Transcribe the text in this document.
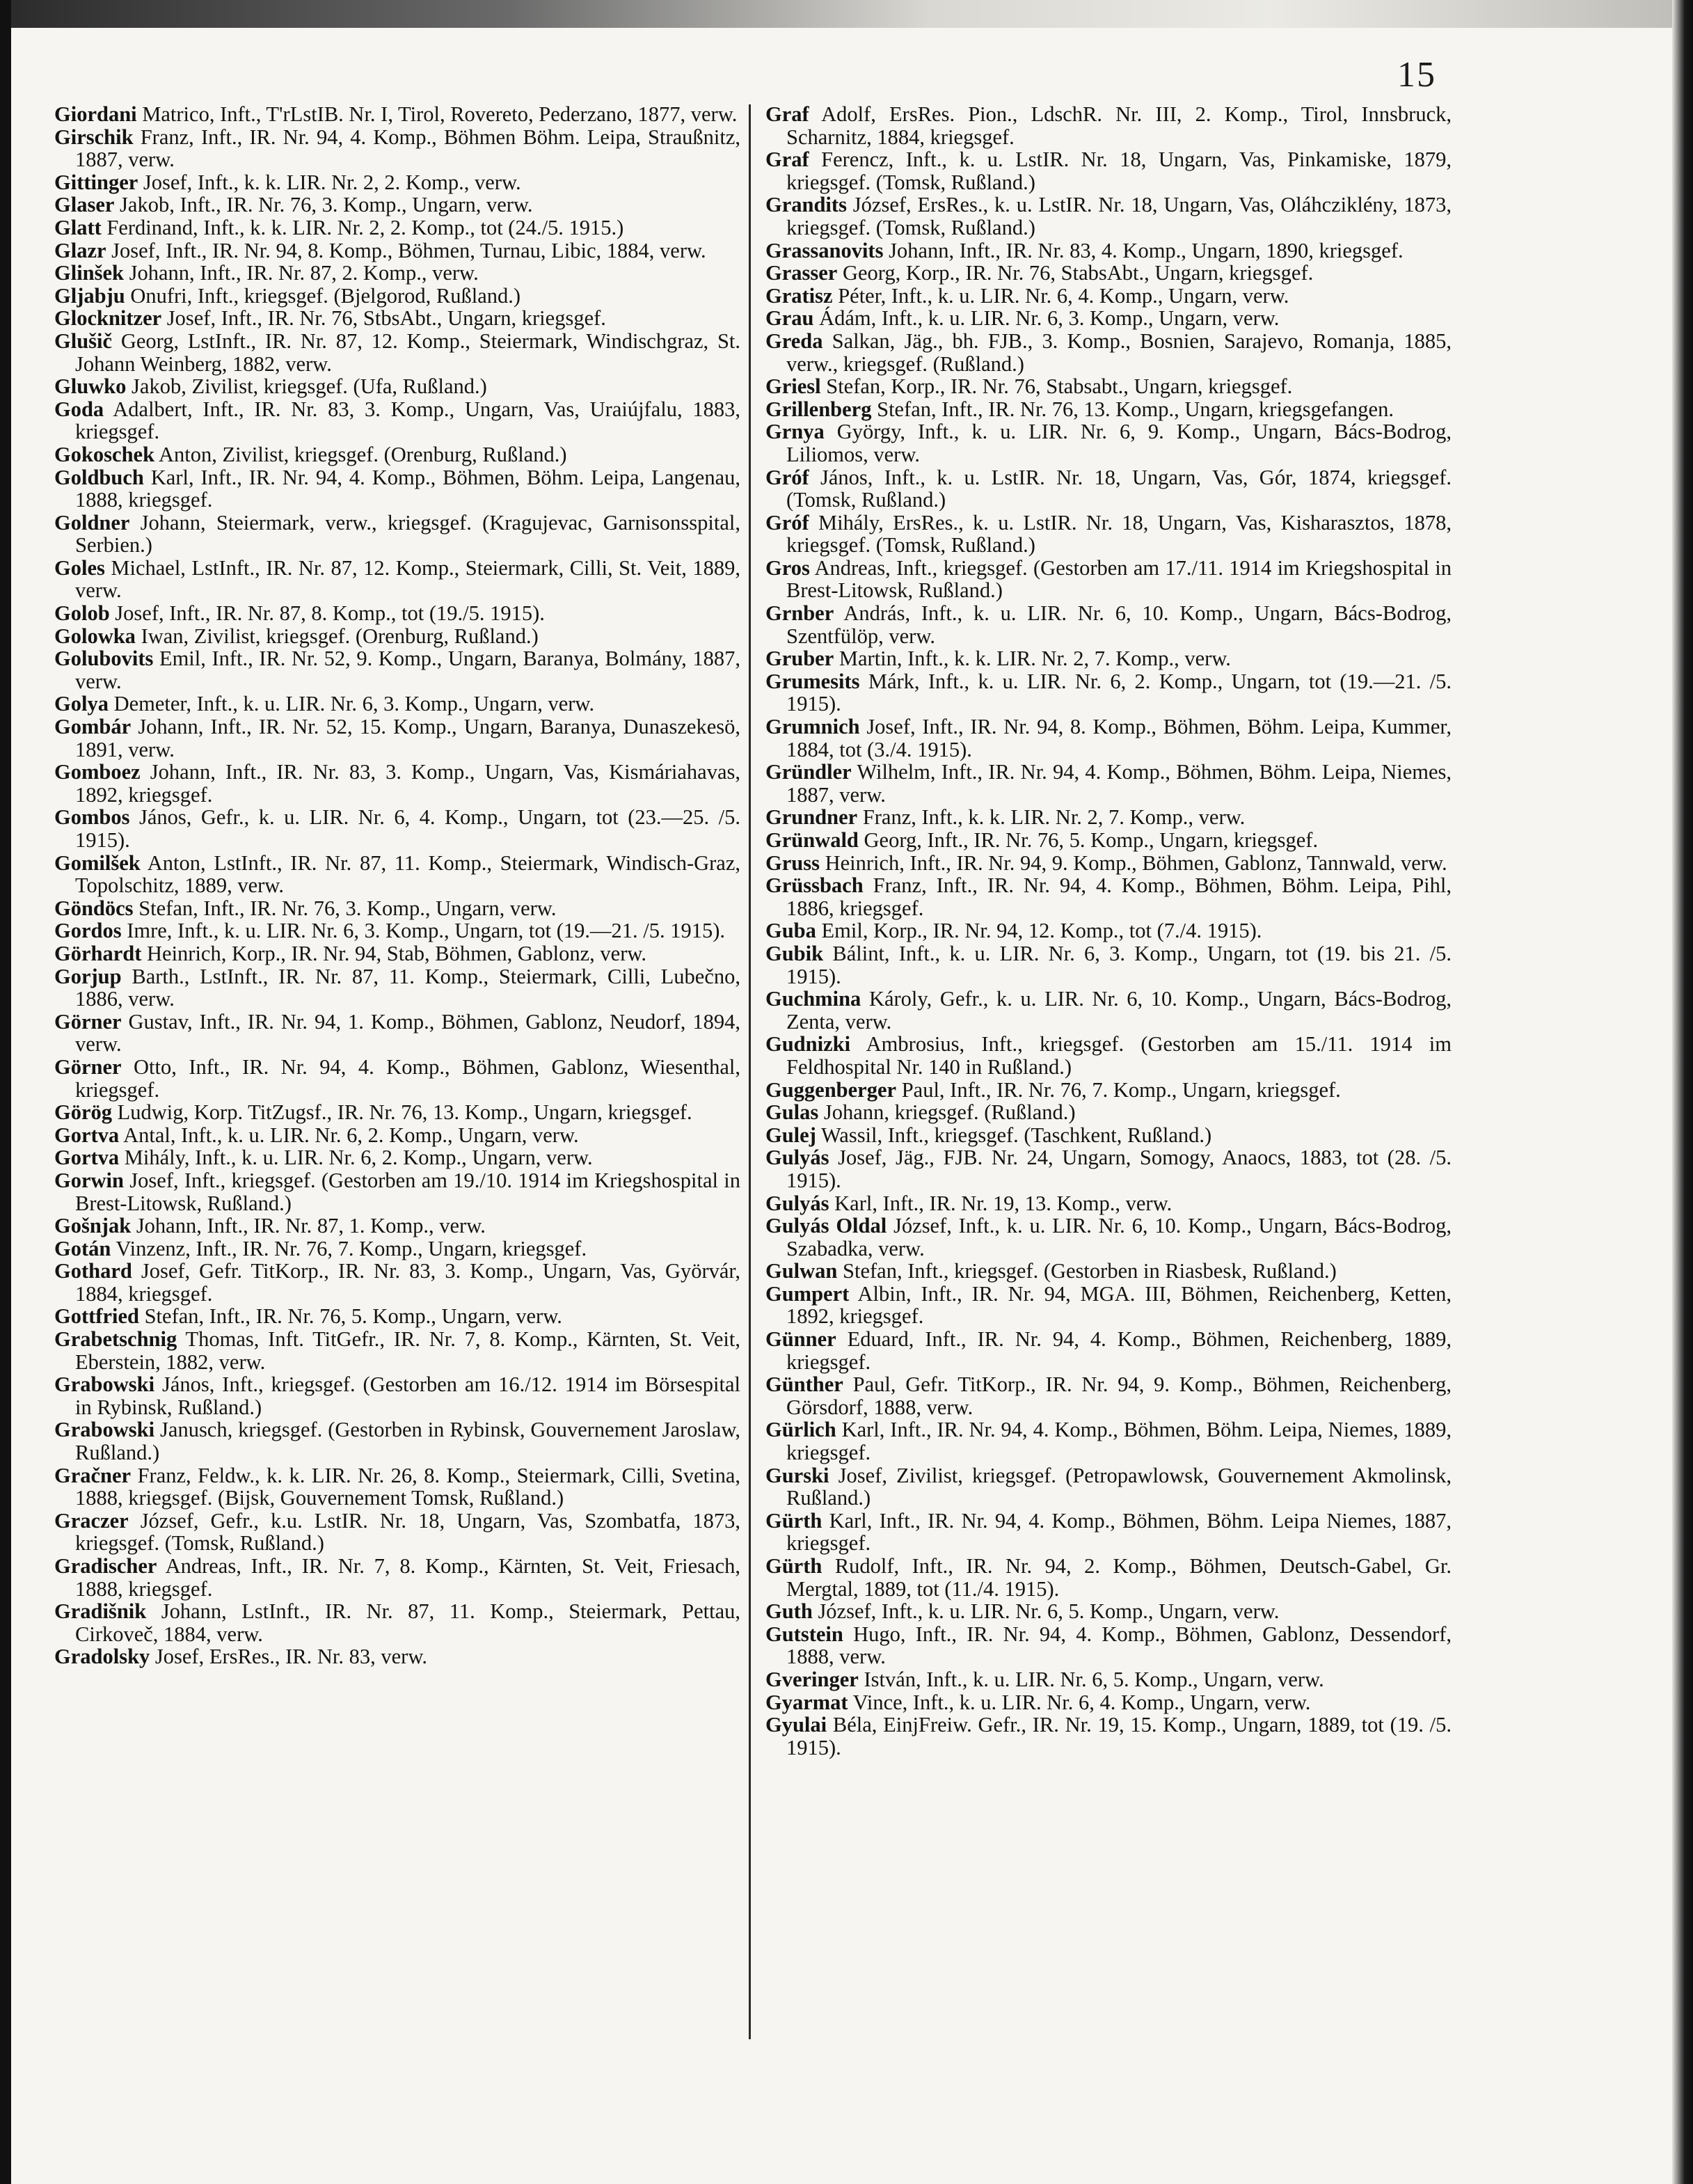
15

Giordani Matrico, Inft., T'rLstIB. Nr. I, Tirol, Rovereto, Pederzano, 1877, verw.

Girschik Franz, Inft., IR. Nr. 94, 4. Komp., Böhmen Böhm. Leipa, Straußnitz, 1887, verw.

Gittinger Josef, Inft., k. k. LIR. Nr. 2, 2. Komp., verw.

Glaser Jakob, Inft., IR. Nr. 76, 3. Komp., Ungarn, verw.

Glatt Ferdinand, Inft., k. k. LIR. Nr. 2, 2. Komp., tot (24./5. 1915.)

Glazr Josef, Inft., IR. Nr. 94, 8. Komp., Böhmen, Turnau, Libic, 1884, verw.

Glinšek Johann, Inft., IR. Nr. 87, 2. Komp., verw.

Gljabju Onufri, Inft., kriegsgef. (Bjelgorod, Rußland.)

Glocknitzer Josef, Inft., IR. Nr. 76, StbsAbt., Ungarn, kriegsgef.

Glušič Georg, LstInft., IR. Nr. 87, 12. Komp., Steiermark, Windischgraz, St. Johann Weinberg, 1882, verw.

Gluwko Jakob, Zivilist, kriegsgef. (Ufa, Rußland.)

Goda Adalbert, Inft., IR. Nr. 83, 3. Komp., Ungarn, Vas, Uraiújfalu, 1883, kriegsgef.

Gokoschek Anton, Zivilist, kriegsgef. (Orenburg, Rußland.)

Goldbuch Karl, Inft., IR. Nr. 94, 4. Komp., Böhmen, Böhm. Leipa, Langenau, 1888, kriegsgef.

Goldner Johann, Steiermark, verw., kriegsgef. (Kragujevac, Garnisonsspital, Serbien.)

Goles Michael, LstInft., IR. Nr. 87, 12. Komp., Steiermark, Cilli, St. Veit, 1889, verw.

Golob Josef, Inft., IR. Nr. 87, 8. Komp., tot (19./5. 1915).

Golowka Iwan, Zivilist, kriegsgef. (Orenburg, Rußland.)

Golubovits Emil, Inft., IR. Nr. 52, 9. Komp., Ungarn, Baranya, Bolmány, 1887, verw.

Golya Demeter, Inft., k. u. LIR. Nr. 6, 3. Komp., Ungarn, verw.

Gombár Johann, Inft., IR. Nr. 52, 15. Komp., Ungarn, Baranya, Dunaszekesö, 1891, verw.

Gomboez Johann, Inft., IR. Nr. 83, 3. Komp., Ungarn, Vas, Kismáriahavas, 1892, kriegsgef.

Gombos János, Gefr., k. u. LIR. Nr. 6, 4. Komp., Ungarn, tot (23.—25. /5. 1915).

Gomilšek Anton, LstInft., IR. Nr. 87, 11. Komp., Steiermark, Windisch-Graz, Topolschitz, 1889, verw.

Göndöcs Stefan, Inft., IR. Nr. 76, 3. Komp., Ungarn, verw.

Gordos Imre, Inft., k. u. LIR. Nr. 6, 3. Komp., Ungarn, tot (19.—21. /5. 1915).

Görhardt Heinrich, Korp., IR. Nr. 94, Stab, Böhmen, Gablonz, verw.

Gorjup Barth., LstInft., IR. Nr. 87, 11. Komp., Steiermark, Cilli, Lubečno, 1886, verw.

Görner Gustav, Inft., IR. Nr. 94, 1. Komp., Böhmen, Gablonz, Neudorf, 1894, verw.

Görner Otto, Inft., IR. Nr. 94, 4. Komp., Böhmen, Gablonz, Wiesenthal, kriegsgef.

Görög Ludwig, Korp. TitZugsf., IR. Nr. 76, 13. Komp., Ungarn, kriegsgef.

Gortva Antal, Inft., k. u. LIR. Nr. 6, 2. Komp., Ungarn, verw.

Gortva Mihály, Inft., k. u. LIR. Nr. 6, 2. Komp., Ungarn, verw.

Gorwin Josef, Inft., kriegsgef. (Gestorben am 19./10. 1914 im Kriegshospital in Brest-Litowsk, Rußland.)

Gošnjak Johann, Inft., IR. Nr. 87, 1. Komp., verw.

Gotán Vinzenz, Inft., IR. Nr. 76, 7. Komp., Ungarn, kriegsgef.

Gothard Josef, Gefr. TitKorp., IR. Nr. 83, 3. Komp., Ungarn, Vas, Györvár, 1884, kriegsgef.

Gottfried Stefan, Inft., IR. Nr. 76, 5. Komp., Ungarn, verw.

Grabetschnig Thomas, Inft. TitGefr., IR. Nr. 7, 8. Komp., Kärnten, St. Veit, Eberstein, 1882, verw.

Grabowski János, Inft., kriegsgef. (Gestorben am 16./12. 1914 im Börsespital in Rybinsk, Rußland.)

Grabowski Janusch, kriegsgef. (Gestorben in Rybinsk, Gouvernement Jaroslaw, Rußland.)

Gračner Franz, Feldw., k. k. LIR. Nr. 26, 8. Komp., Steiermark, Cilli, Svetina, 1888, kriegsgef. (Bijsk, Gouvernement Tomsk, Rußland.)

Graczer József, Gefr., k.u. LstIR. Nr. 18, Ungarn, Vas, Szombatfa, 1873, kriegsgef. (Tomsk, Rußland.)

Gradischer Andreas, Inft., IR. Nr. 7, 8. Komp., Kärnten, St. Veit, Friesach, 1888, kriegsgef.

Gradišnik Johann, LstInft., IR. Nr. 87, 11. Komp., Steiermark, Pettau, Cirkoveč, 1884, verw.

Gradolsky Josef, ErsRes., IR. Nr. 83, verw.

Graf Adolf, ErsRes. Pion., LdschR. Nr. III, 2. Komp., Tirol, Innsbruck, Scharnitz, 1884, kriegsgef.

Graf Ferencz, Inft., k. u. LstIR. Nr. 18, Ungarn, Vas, Pinkamiske, 1879, kriegsgef. (Tomsk, Rußland.)

Grandits József, ErsRes., k. u. LstIR. Nr. 18, Ungarn, Vas, Oláhcziklény, 1873, kriegsgef. (Tomsk, Rußland.)

Grassanovits Johann, Inft., IR. Nr. 83, 4. Komp., Ungarn, 1890, kriegsgef.

Grasser Georg, Korp., IR. Nr. 76, StabsAbt., Ungarn, kriegsgef.

Gratisz Péter, Inft., k. u. LIR. Nr. 6, 4. Komp., Ungarn, verw.

Grau Ádám, Inft., k. u. LIR. Nr. 6, 3. Komp., Ungarn, verw.

Greda Salkan, Jäg., bh. FJB., 3. Komp., Bosnien, Sarajevo, Romanja, 1885, verw., kriegsgef. (Rußland.)

Griesl Stefan, Korp., IR. Nr. 76, Stabsabt., Ungarn, kriegsgef.

Grillenberg Stefan, Inft., IR. Nr. 76, 13. Komp., Ungarn, kriegsgefangen.

Grnya György, Inft., k. u. LIR. Nr. 6, 9. Komp., Ungarn, Bács-Bodrog, Liliomos, verw.

Gróf János, Inft., k. u. LstIR. Nr. 18, Ungarn, Vas, Gór, 1874, kriegsgef. (Tomsk, Rußland.)

Gróf Mihály, ErsRes., k. u. LstIR. Nr. 18, Ungarn, Vas, Kisharasztos, 1878, kriegsgef. (Tomsk, Rußland.)

Gros Andreas, Inft., kriegsgef. (Gestorben am 17./11. 1914 im Kriegshospital in Brest-Litowsk, Rußland.)

Grnber András, Inft., k. u. LIR. Nr. 6, 10. Komp., Ungarn, Bács-Bodrog, Szentfülöp, verw.

Gruber Martin, Inft., k. k. LIR. Nr. 2, 7. Komp., verw.

Grumesits Márk, Inft., k. u. LIR. Nr. 6, 2. Komp., Ungarn, tot (19.—21. /5. 1915).

Grumnich Josef, Inft., IR. Nr. 94, 8. Komp., Böhmen, Böhm. Leipa, Kummer, 1884, tot (3./4. 1915).

Gründler Wilhelm, Inft., IR. Nr. 94, 4. Komp., Böhmen, Böhm. Leipa, Niemes, 1887, verw.

Grundner Franz, Inft., k. k. LIR. Nr. 2, 7. Komp., verw.

Grünwald Georg, Inft., IR. Nr. 76, 5. Komp., Ungarn, kriegsgef.

Gruss Heinrich, Inft., IR. Nr. 94, 9. Komp., Böhmen, Gablonz, Tannwald, verw.

Grüssbach Franz, Inft., IR. Nr. 94, 4. Komp., Böhmen, Böhm. Leipa, Pihl, 1886, kriegsgef.

Guba Emil, Korp., IR. Nr. 94, 12. Komp., tot (7./4. 1915).

Gubik Bálint, Inft., k. u. LIR. Nr. 6, 3. Komp., Ungarn, tot (19. bis 21. /5. 1915).

Guchmina Károly, Gefr., k. u. LIR. Nr. 6, 10. Komp., Ungarn, Bács-Bodrog, Zenta, verw.

Gudnizki Ambrosius, Inft., kriegsgef. (Gestorben am 15./11. 1914 im Feldhospital Nr. 140 in Rußland.)

Guggenberger Paul, Inft., IR. Nr. 76, 7. Komp., Ungarn, kriegsgef.

Gulas Johann, kriegsgef. (Rußland.)

Gulej Wassil, Inft., kriegsgef. (Taschkent, Rußland.)

Gulyás Josef, Jäg., FJB. Nr. 24, Ungarn, Somogy, Anaocs, 1883, tot (28. /5. 1915).

Gulyás Karl, Inft., IR. Nr. 19, 13. Komp., verw.

Gulyás Oldal József, Inft., k. u. LIR. Nr. 6, 10. Komp., Ungarn, Bács-Bodrog, Szabadka, verw.

Gulwan Stefan, Inft., kriegsgef. (Gestorben in Riasbesk, Rußland.)

Gumpert Albin, Inft., IR. Nr. 94, MGA. III, Böhmen, Reichenberg, Ketten, 1892, kriegsgef.

Günner Eduard, Inft., IR. Nr. 94, 4. Komp., Böhmen, Reichenberg, 1889, kriegsgef.

Günther Paul, Gefr. TitKorp., IR. Nr. 94, 9. Komp., Böhmen, Reichenberg, Görsdorf, 1888, verw.

Gürlich Karl, Inft., IR. Nr. 94, 4. Komp., Böhmen, Böhm. Leipa, Niemes, 1889, kriegsgef.

Gurski Josef, Zivilist, kriegsgef. (Petropawlowsk, Gouvernement Akmolinsk, Rußland.)

Gürth Karl, Inft., IR. Nr. 94, 4. Komp., Böhmen, Böhm. Leipa Niemes, 1887, kriegsgef.

Gürth Rudolf, Inft., IR. Nr. 94, 2. Komp., Böhmen, Deutsch-Gabel, Gr. Mergtal, 1889, tot (11./4. 1915).

Guth József, Inft., k. u. LIR. Nr. 6, 5. Komp., Ungarn, verw.

Gutstein Hugo, Inft., IR. Nr. 94, 4. Komp., Böhmen, Gablonz, Dessendorf, 1888, verw.

Gveringer István, Inft., k. u. LIR. Nr. 6, 5. Komp., Ungarn, verw.

Gyarmat Vince, Inft., k. u. LIR. Nr. 6, 4. Komp., Ungarn, verw.

Gyulai Béla, EinjFreiw. Gefr., IR. Nr. 19, 15. Komp., Ungarn, 1889, tot (19. /5. 1915).
